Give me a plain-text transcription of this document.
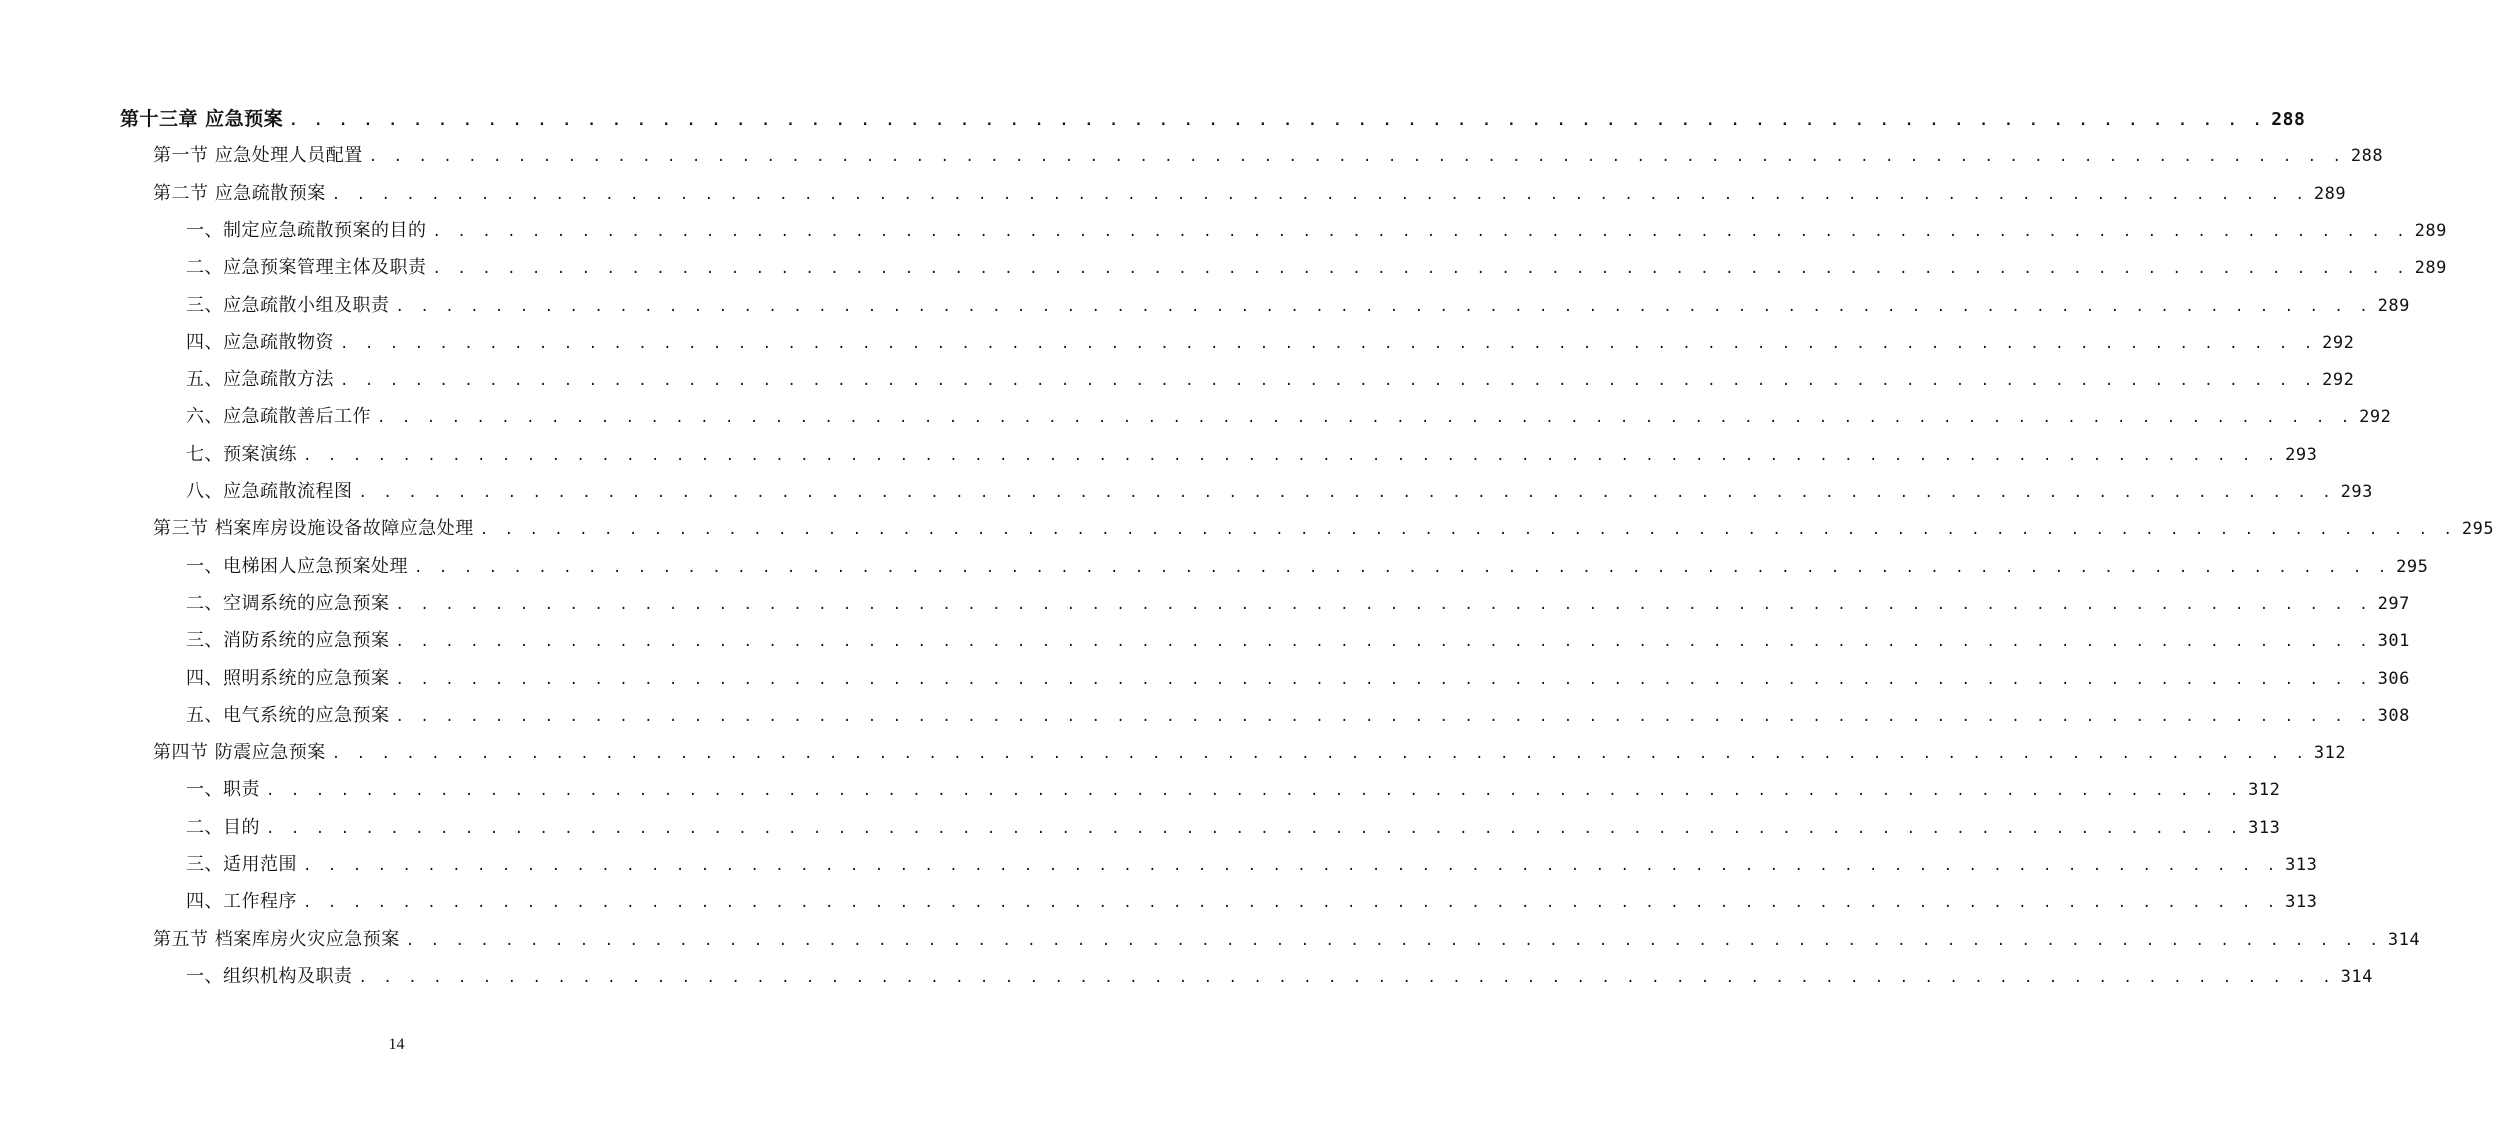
第十三章 应急预案 . . . . . . . . . . . . . . . . . . . . . . . . . . . . . . . . . . . . . . . . . . . . . . . . . . . . . . . . . . . . . . . . . . . . . . . . . . . . . . . . 288
第一节 应急处理人员配置 . . . . . . . . . . . . . . . . . . . . . . . . . . . . . . . . . . . . . . . . . . . . . . . . . . . . . . . . . . . . . . . . . . . . . . . . . . . . . . . . 288
第二节 应急疏散预案 . . . . . . . . . . . . . . . . . . . . . . . . . . . . . . . . . . . . . . . . . . . . . . . . . . . . . . . . . . . . . . . . . . . . . . . . . . . . . . . . 289
一、制定应急疏散预案的目的 . . . . . . . . . . . . . . . . . . . . . . . . . . . . . . . . . . . . . . . . . . . . . . . . . . . . . . . . . . . . . . . . . . . . . . . . . . . . . . . . 289
二、应急预案管理主体及职责 . . . . . . . . . . . . . . . . . . . . . . . . . . . . . . . . . . . . . . . . . . . . . . . . . . . . . . . . . . . . . . . . . . . . . . . . . . . . . . . . 289
三、应急疏散小组及职责 . . . . . . . . . . . . . . . . . . . . . . . . . . . . . . . . . . . . . . . . . . . . . . . . . . . . . . . . . . . . . . . . . . . . . . . . . . . . . . . . 289
四、应急疏散物资 . . . . . . . . . . . . . . . . . . . . . . . . . . . . . . . . . . . . . . . . . . . . . . . . . . . . . . . . . . . . . . . . . . . . . . . . . . . . . . . . 292
五、应急疏散方法 . . . . . . . . . . . . . . . . . . . . . . . . . . . . . . . . . . . . . . . . . . . . . . . . . . . . . . . . . . . . . . . . . . . . . . . . . . . . . . . . 292
六、应急疏散善后工作 . . . . . . . . . . . . . . . . . . . . . . . . . . . . . . . . . . . . . . . . . . . . . . . . . . . . . . . . . . . . . . . . . . . . . . . . . . . . . . . . 292
七、预案演练 . . . . . . . . . . . . . . . . . . . . . . . . . . . . . . . . . . . . . . . . . . . . . . . . . . . . . . . . . . . . . . . . . . . . . . . . . . . . . . . . 293
八、应急疏散流程图 . . . . . . . . . . . . . . . . . . . . . . . . . . . . . . . . . . . . . . . . . . . . . . . . . . . . . . . . . . . . . . . . . . . . . . . . . . . . . . . . 293
第三节 档案库房设施设备故障应急处理 . . . . . . . . . . . . . . . . . . . . . . . . . . . . . . . . . . . . . . . . . . . . . . . . . . . . . . . . . . . . . . . . . . . . . . . . . . . . . . . . 295
一、电梯困人应急预案处理 . . . . . . . . . . . . . . . . . . . . . . . . . . . . . . . . . . . . . . . . . . . . . . . . . . . . . . . . . . . . . . . . . . . . . . . . . . . . . . . . 295
二、空调系统的应急预案 . . . . . . . . . . . . . . . . . . . . . . . . . . . . . . . . . . . . . . . . . . . . . . . . . . . . . . . . . . . . . . . . . . . . . . . . . . . . . . . . 297
三、消防系统的应急预案 . . . . . . . . . . . . . . . . . . . . . . . . . . . . . . . . . . . . . . . . . . . . . . . . . . . . . . . . . . . . . . . . . . . . . . . . . . . . . . . . 301
四、照明系统的应急预案 . . . . . . . . . . . . . . . . . . . . . . . . . . . . . . . . . . . . . . . . . . . . . . . . . . . . . . . . . . . . . . . . . . . . . . . . . . . . . . . . 306
五、电气系统的应急预案 . . . . . . . . . . . . . . . . . . . . . . . . . . . . . . . . . . . . . . . . . . . . . . . . . . . . . . . . . . . . . . . . . . . . . . . . . . . . . . . . 308
第四节 防震应急预案 . . . . . . . . . . . . . . . . . . . . . . . . . . . . . . . . . . . . . . . . . . . . . . . . . . . . . . . . . . . . . . . . . . . . . . . . . . . . . . . . 312
一、职责 . . . . . . . . . . . . . . . . . . . . . . . . . . . . . . . . . . . . . . . . . . . . . . . . . . . . . . . . . . . . . . . . . . . . . . . . . . . . . . . . 312
二、目的 . . . . . . . . . . . . . . . . . . . . . . . . . . . . . . . . . . . . . . . . . . . . . . . . . . . . . . . . . . . . . . . . . . . . . . . . . . . . . . . . 313
三、适用范围 . . . . . . . . . . . . . . . . . . . . . . . . . . . . . . . . . . . . . . . . . . . . . . . . . . . . . . . . . . . . . . . . . . . . . . . . . . . . . . . . 313
四、工作程序 . . . . . . . . . . . . . . . . . . . . . . . . . . . . . . . . . . . . . . . . . . . . . . . . . . . . . . . . . . . . . . . . . . . . . . . . . . . . . . . . 313
第五节 档案库房火灾应急预案 . . . . . . . . . . . . . . . . . . . . . . . . . . . . . . . . . . . . . . . . . . . . . . . . . . . . . . . . . . . . . . . . . . . . . . . . . . . . . . . . 314
一、组织机构及职责 . . . . . . . . . . . . . . . . . . . . . . . . . . . . . . . . . . . . . . . . . . . . . . . . . . . . . . . . . . . . . . . . . . . . . . . . . . . . . . . . 314
14
